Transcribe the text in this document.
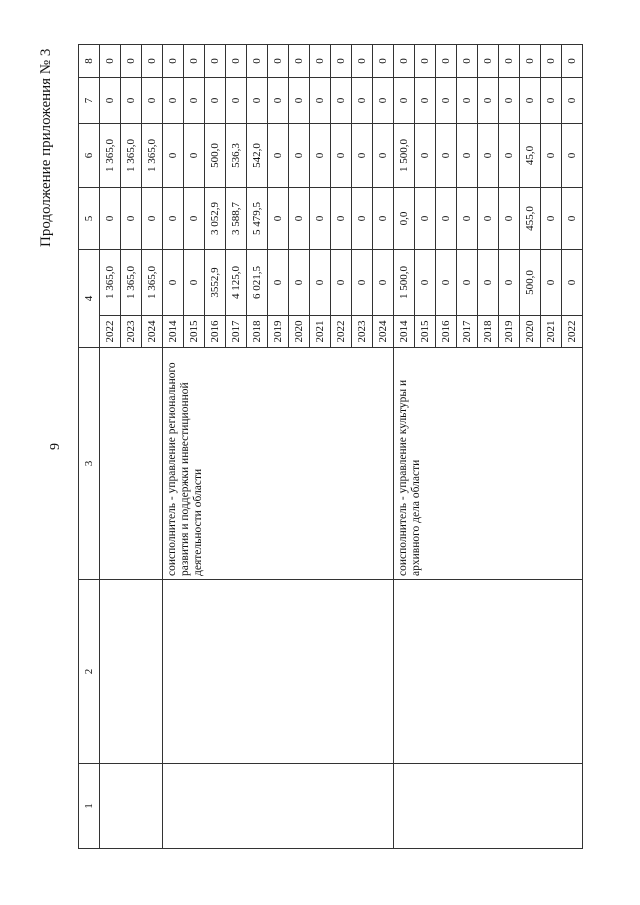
9
Продолжение приложения № 3
1	2	3	4		5	6	7	8
			2022	1 365,0	0	1 365,0	0	0
			2023	1 365,0	0	1 365,0	0	0
			2024	1 365,0	0	1 365,0	0	0
		соисполнитель - управление регионального развития и поддержки инвестиционной деятельности области	2014	0	0	0	0	0
			2015	0	0	0	0	0
			2016	3552,9	3 052,9	500,0	0	0
			2017	4 125,0	3 588,7	536,3	0	0
			2018	6 021,5	5 479,5	542,0	0	0
			2019	0	0	0	0	0
			2020	0	0	0	0	0
			2021	0	0	0	0	0
			2022	0	0	0	0	0
			2023	0	0	0	0	0
			2024	0	0	0	0	0
		соисполнитель - управление культуры и архивного дела области	2014	1 500,0	0,0	1 500,0	0	0
			2015	0	0	0	0	0
			2016	0	0	0	0	0
			2017	0	0	0	0	0
			2018	0	0	0	0	0
			2019	0	0	0	0	0
			2020	500,0	455,0	45,0	0	0
			2021	0	0	0	0	0
			2022	0	0	0	0	0
